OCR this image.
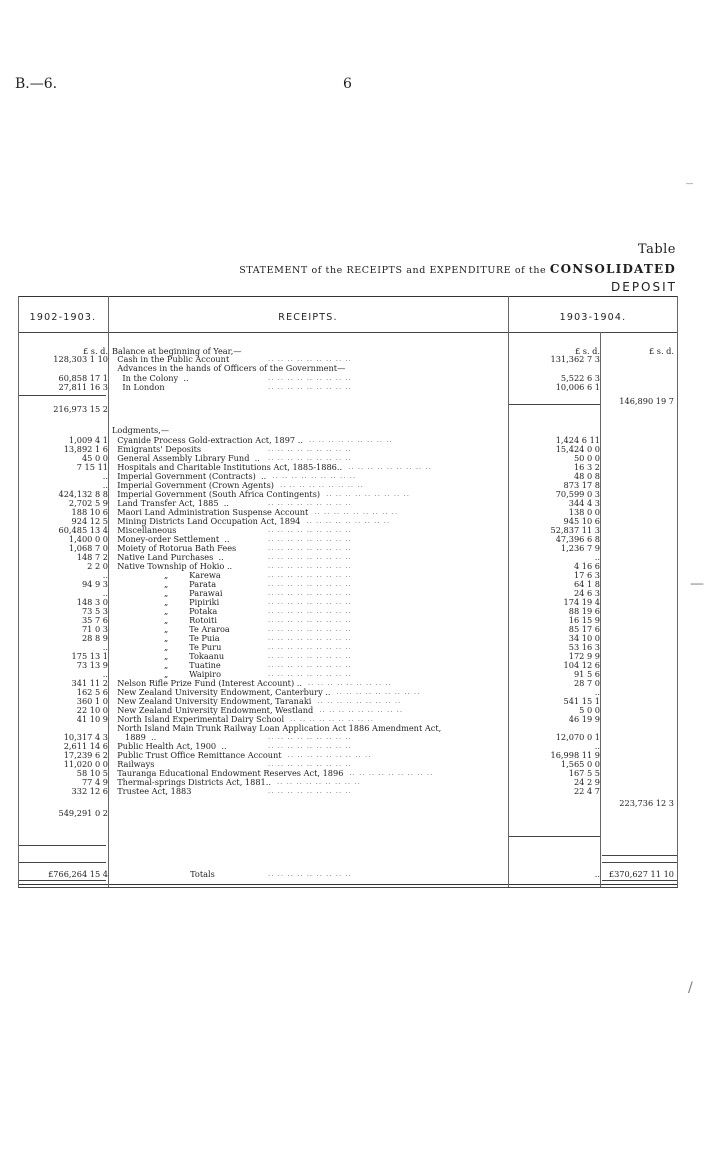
B.—6.	6
Table
STATEMENT of the RECEIPTS and EXPENDITURE of the CONSOLIDATED
DEPOSIT
1902-1903.	RECEIPTS.	1903-1904.
£ s. d. Balance at beginning of Year,—	£ s. d.	£ s. d.
128,303 1 10 Cash in the Public Account	131,362 7 3
.. .. .. .. .. .. .. .. ..
Advances in the hands of Officers of the Government—
60,858 17 1 In the Colony  ..	5,522 6 3
.. .. .. .. .. .. .. .. ..
27,811 16 3 In London	10,006 6 1
.. .. .. .. .. .. .. .. ..
146,890 19 7
216,973 15 2
Lodgments,—
1,009 4 1 Cyanide Process Gold-extraction Act, 1897 ..	1,424 6 11
.. .. .. .. .. .. .. .. ..
13,892 1 6 Emigrants' Deposits	15,424 0 0
.. .. .. .. .. .. .. .. ..
45 0 0 General Assembly Library Fund  ..	50 0 0
.. .. .. .. .. .. .. .. ..
7 15 11 Hospitals and Charitable Institutions Act, 1885-1886..	16 3 2
.. .. .. .. .. .. .. .. ..
.. Imperial Government (Contracts)  ..	48 0 8
.. .. .. .. .. .. .. .. ..
.. Imperial Government (Crown Agents)	873 17 8
.. .. .. .. .. .. .. .. ..
424,132 8 8 Imperial Government (South Africa Contingents)	70,599 0 3
.. .. .. .. .. .. .. .. ..
2,702 5 9 Land Transfer Act, 1885  ..	344 4 3
.. .. .. .. .. .. .. .. ..
188 10 6 Maori Land Administration Suspense Account	138 0 0
.. .. .. .. .. .. .. .. ..
924 12 5 Mining Districts Land Occupation Act, 1894	945 10 6
.. .. .. .. .. .. .. .. ..
60,485 13 4 Miscellaneous	52,837 11 3
.. .. .. .. .. .. .. .. ..
1,400 0 0 Money-order Settlement  ..	47,396 6 8
.. .. .. .. .. .. .. .. ..
1,068 7 0 Moiety of Rotorua Bath Fees	1,236 7 9
.. .. .. .. .. .. .. .. ..
148 7 2 Native Land Purchases  ..	..
.. .. .. .. .. .. .. .. ..
2 2 0 Native Township of Hokio ..	4 16 6
.. .. .. .. .. .. .. .. ..
.. „        Karewa	17 6 3
.. .. .. .. .. .. .. .. ..
94 9 3 „        Parata	64 1 8
.. .. .. .. .. .. .. .. ..
.. „        Parawai	24 6 3
.. .. .. .. .. .. .. .. ..
148 3 0 „        Pipiriki	174 19 4
.. .. .. .. .. .. .. .. ..
73 5 3 „        Potaka	88 19 6
.. .. .. .. .. .. .. .. ..
35 7 6 „        Rotoiti	16 15 9
.. .. .. .. .. .. .. .. ..
71 0 3 „        Te Araroa	85 17 6
.. .. .. .. .. .. .. .. ..
28 8 9 „        Te Puia	34 10 0
.. .. .. .. .. .. .. .. ..
.. „        Te Puru	53 16 3
.. .. .. .. .. .. .. .. ..
175 13 1 „        Tokaanu	172 9 9
.. .. .. .. .. .. .. .. ..
73 13 9 „        Tuatine	104 12 6
.. .. .. .. .. .. .. .. ..
.. „        Waipiro	91 5 6
.. .. .. .. .. .. .. .. ..
341 11 2 Nelson Rifle Prize Fund (Interest Account) ..	28 7 0
.. .. .. .. .. .. .. .. ..
162 5 6 New Zealand University Endowment, Canterbury ..	..
.. .. .. .. .. .. .. .. ..
360 1 0 New Zealand University Endowment, Taranaki	541 15 1
.. .. .. .. .. .. .. .. ..
22 10 0 New Zealand University Endowment, Westland	5 0 0
.. .. .. .. .. .. .. .. ..
41 10 9 North Island Experimental Dairy School	46 19 9
.. .. .. .. .. .. .. .. ..
North Island Main Trunk Railway Loan Application Act 1886 Amendment Act,
10,317 4 3 1889  ..	12,070 0 1
.. .. .. .. .. .. .. .. ..
2,611 14 6 Public Health Act, 1900  ..	..
.. .. .. .. .. .. .. .. ..
17,239 6 2 Public Trust Office Remittance Account	16,998 11 9
.. .. .. .. .. .. .. .. ..
11,020 0 0 Railways	1,565 0 0
.. .. .. .. .. .. .. .. ..
58 10 5 Tauranga Educational Endowment Reserves Act, 1896	167 5 5
.. .. .. .. .. .. .. .. ..
77 4 9 Thermal-springs Districts Act, 1881..	24 2 9
.. .. .. .. .. .. .. .. ..
332 12 6 Trustee Act, 1883	22 4 7
.. .. .. .. .. .. .. .. ..
223,736 12 3
549,291 0 2
£766,264 15 4 Totals	..	£370,627 11 10
.. .. .. .. .. .. .. .. ..
‾
—
/
